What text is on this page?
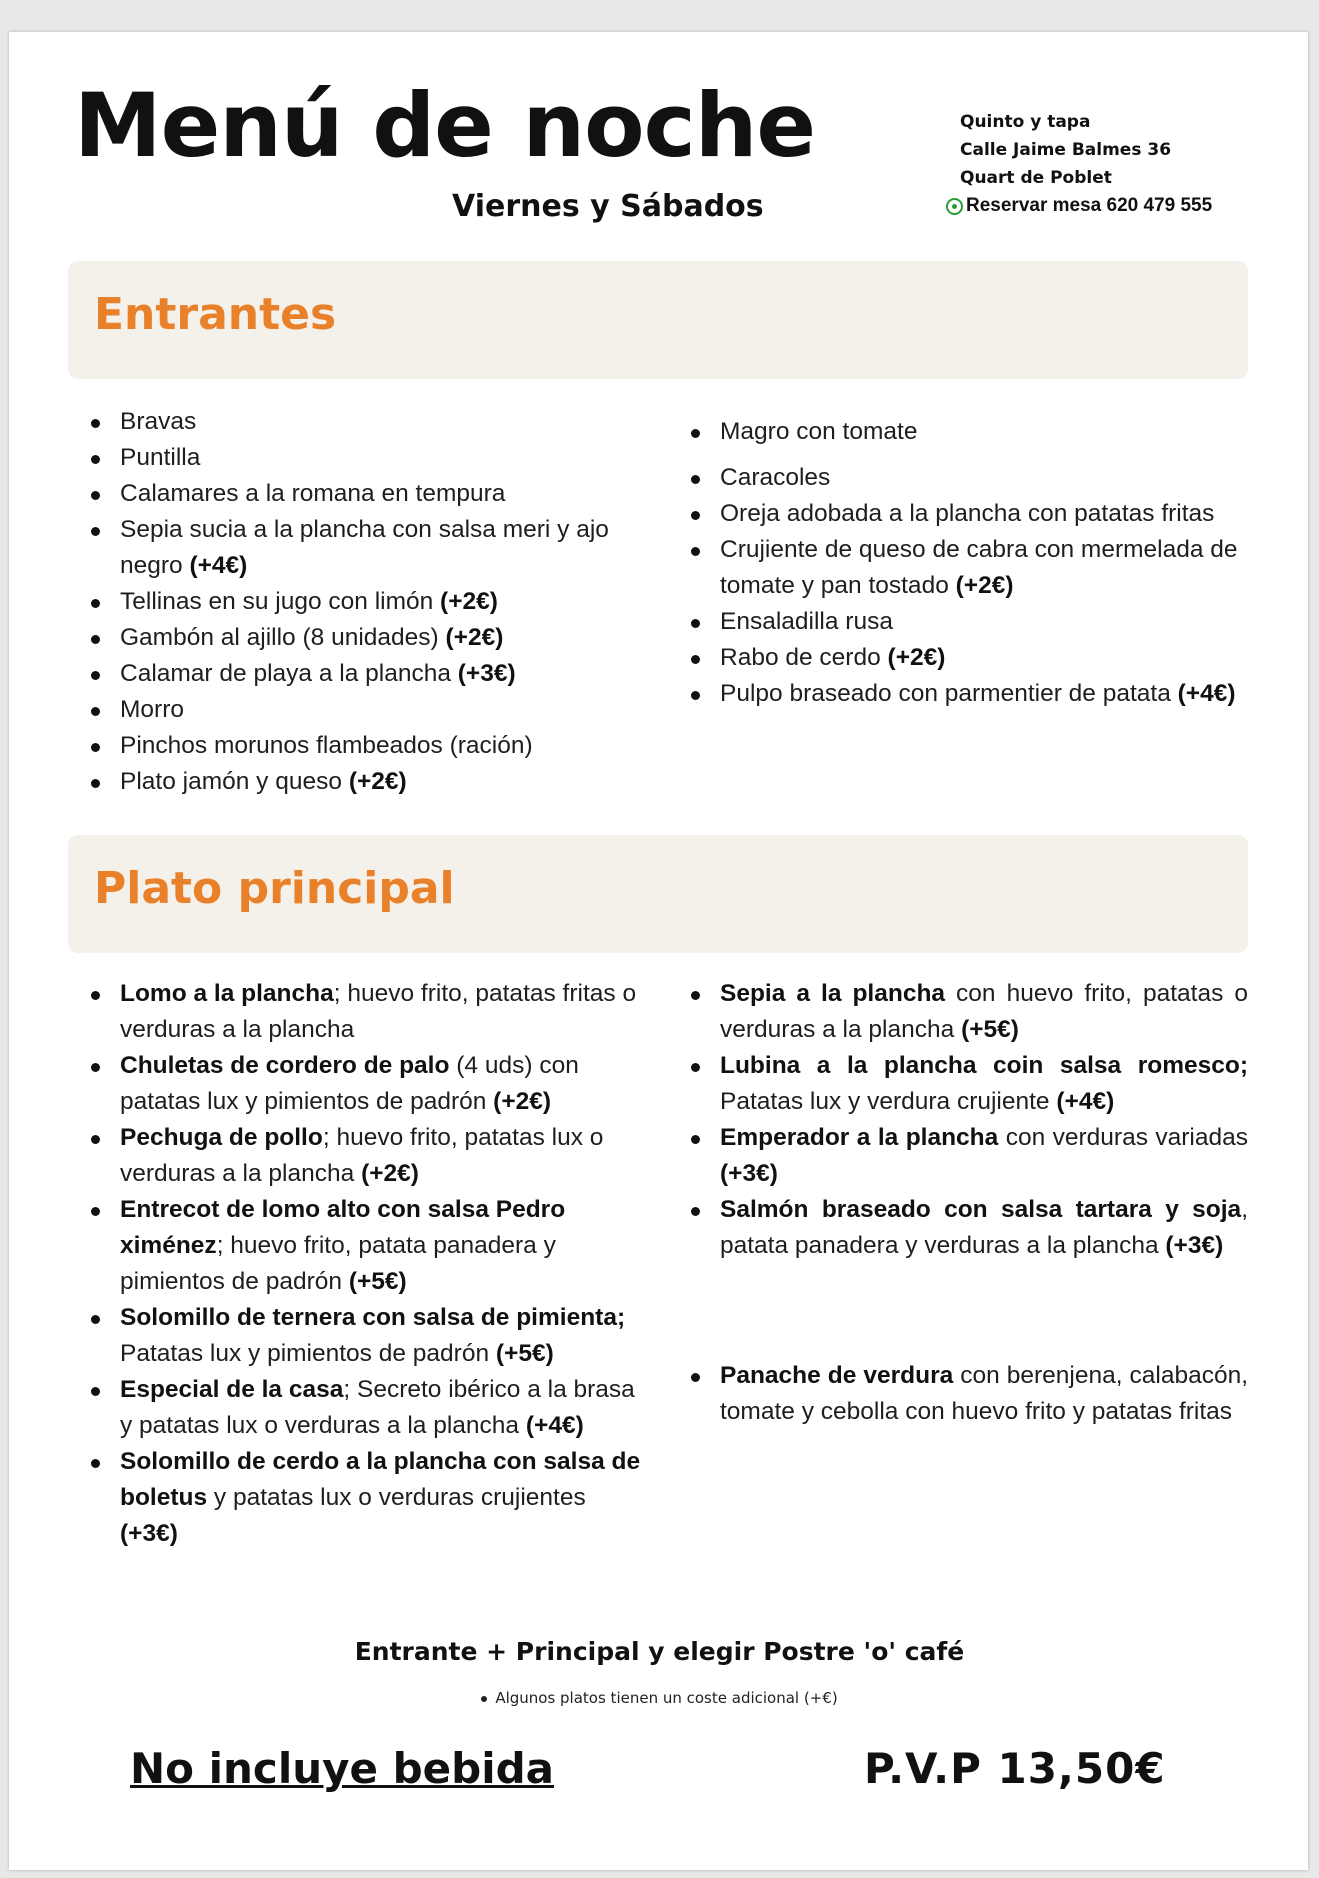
Menú de noche
Viernes y Sábados
Quinto y tapa
Calle Jaime Balmes 36
Quart de Poblet
Reservar mesa 620 479 555
Entrantes
Bravas
Puntilla
Calamares a la romana en tempura
Sepia sucia a la plancha con salsa meri y ajo negro (+4€)
Tellinas en su jugo con limón (+2€)
Gambón al ajillo (8 unidades) (+2€)
Calamar de playa a la plancha (+3€)
Morro
Pinchos morunos flambeados (ración)
Plato jamón y queso (+2€)
Magro con tomate
Caracoles
Oreja adobada a la plancha con patatas fritas
Crujiente de queso de cabra con mermelada de tomate y pan tostado (+2€)
Ensaladilla rusa
Rabo de cerdo (+2€)
Pulpo braseado con parmentier de patata (+4€)
Plato principal
Lomo a la plancha; huevo frito, patatas fritas o verduras a la plancha
Chuletas de cordero de palo (4 uds) con patatas lux y pimientos de padrón (+2€)
Pechuga de pollo; huevo frito, patatas lux o verduras a la plancha (+2€)
Entrecot de lomo alto con salsa Pedro ximénez; huevo frito, patata panadera y pimientos de padrón (+5€)
Solomillo de ternera con salsa de pimienta; Patatas lux y pimientos de padrón (+5€)
Especial de la casa; Secreto ibérico a la brasa y patatas lux o verduras a la plancha (+4€)
Solomillo de cerdo a la plancha con salsa de boletus y patatas lux o verduras crujientes (+3€)
Sepia a la plancha con huevo frito, patatas o verduras a la plancha (+5€)
Lubina a la plancha coin salsa romesco; Patatas lux y verdura crujiente (+4€)
Emperador a la plancha con verduras variadas (+3€)
Salmón braseado con salsa tartara y soja, patata panadera y verduras a la plancha (+3€)
Panache de verdura con berenjena, calabacón, tomate y cebolla con huevo frito y patatas fritas
Entrante + Principal y elegir Postre 'o' café
Algunos platos tienen un coste adicional (+€)
No incluye bebida	P.V.P 13,50€
